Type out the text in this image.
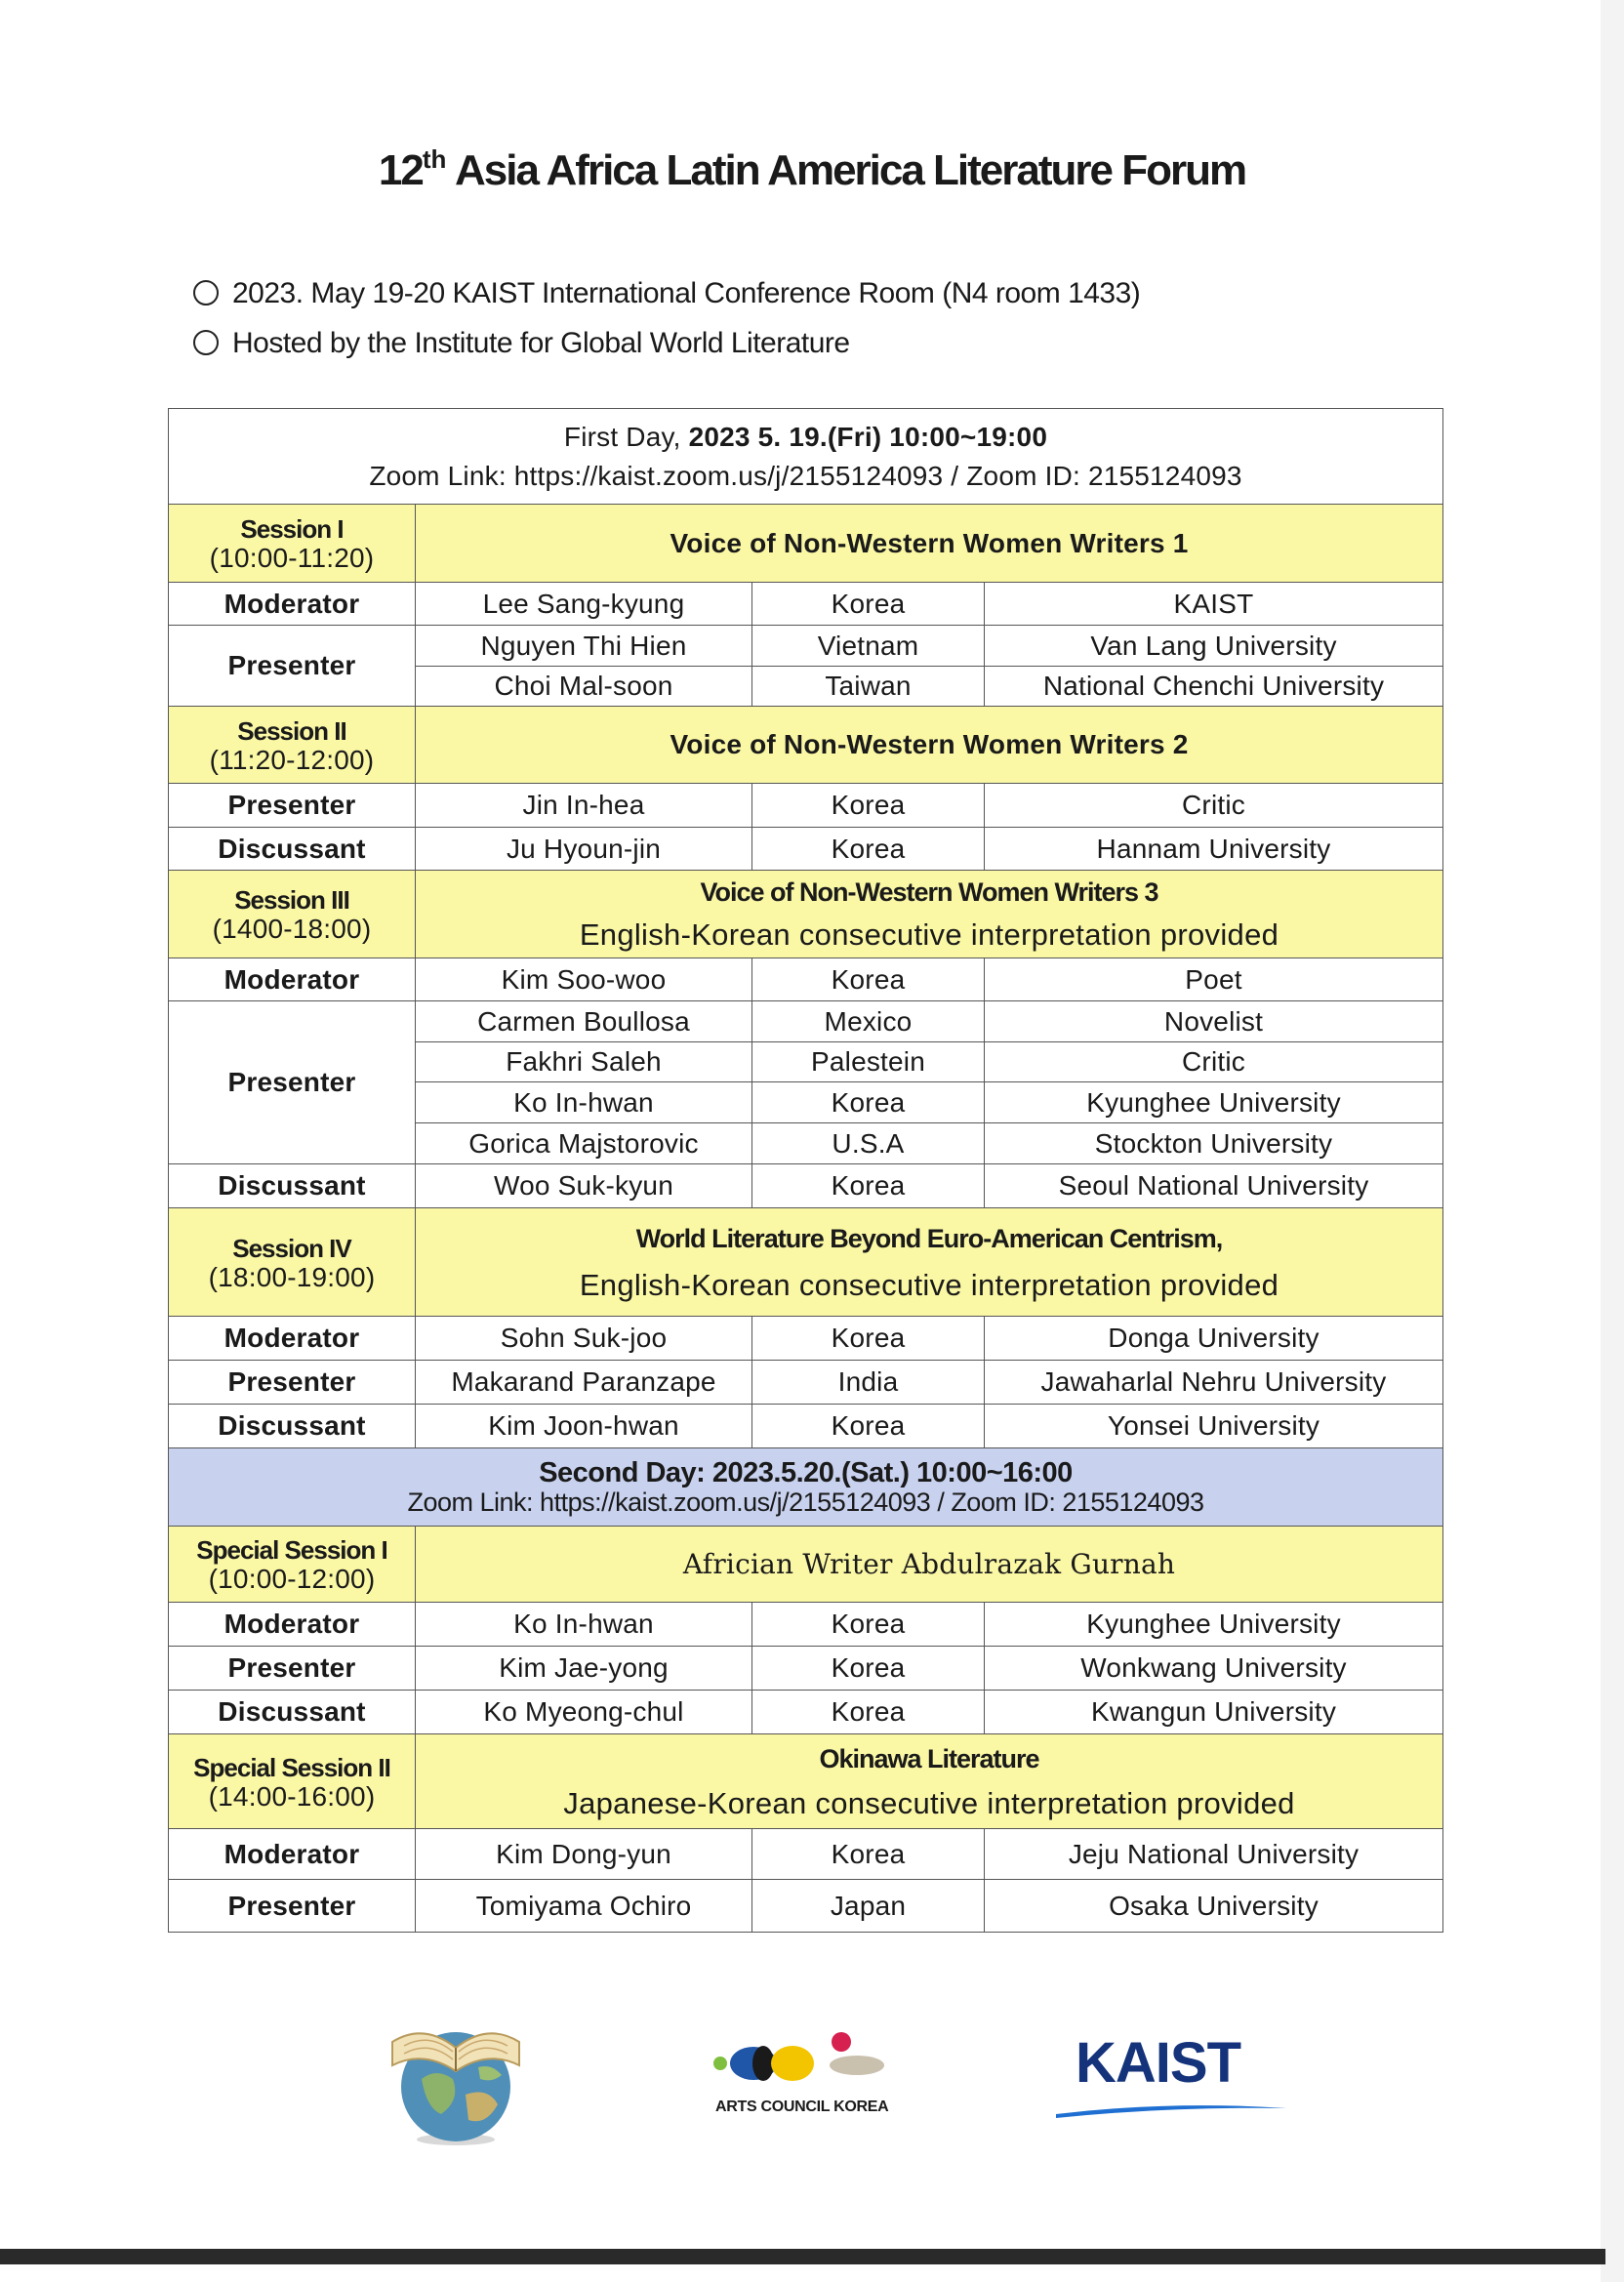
12th Asia Africa Latin America Literature Forum
2023. May 19-20 KAIST International Conference Room (N4 room 1433)
Hosted by the Institute for Global World Literature
First Day, 2023 5. 19.(Fri) 10:00~19:00
Zoom Link: https://kaist.zoom.us/j/2155124093 / Zoom ID: 2155124093			
Session I
(10:00-11:20)	Voice of Non-Western Women Writers 1		
Moderator	Lee Sang-kyung	Korea	KAIST
Presenter	Nguyen Thi Hien	Vietnam	Van Lang University
	Choi Mal-soon	Taiwan	National Chenchi University
Session II
(11:20-12:00)	Voice of Non-Western Women Writers 2		
Presenter	Jin In-hea	Korea	Critic
Discussant	Ju Hyoun-jin	Korea	Hannam University
Session III
(1400-18:00)	Voice of Non-Western Women Writers 3
English-Korean consecutive interpretation provided		
Moderator	Kim Soo-woo	Korea	Poet
Presenter	Carmen Boullosa	Mexico	Novelist
	Fakhri Saleh	Palestein	Critic
	Ko In-hwan	Korea	Kyunghee University
	Gorica Majstorovic	U.S.A	Stockton University
Discussant	Woo Suk-kyun	Korea	Seoul National University
Session IV
(18:00-19:00)	World Literature Beyond Euro-American Centrism,
English-Korean consecutive interpretation provided		
Moderator	Sohn Suk-joo	Korea	Donga University
Presenter	Makarand Paranzape	India	Jawaharlal Nehru University
Discussant	Kim Joon-hwan	Korea	Yonsei University
Second Day: 2023.5.20.(Sat.) 10:00~16:00
Zoom Link: https://kaist.zoom.us/j/2155124093 / Zoom ID: 2155124093			
Special Session I
(10:00-12:00)	Africian Writer Abdulrazak Gurnah		
Moderator	Ko In-hwan	Korea	Kyunghee University
Presenter	Kim Jae-yong	Korea	Wonkwang University
Discussant	Ko Myeong-chul	Korea	Kwangun University
Special Session II
(14:00-16:00)	Okinawa Literature
Japanese-Korean consecutive interpretation provided		
Moderator	Kim Dong-yun	Korea	Jeju National University
Presenter	Tomiyama Ochiro	Japan	Osaka University
ARTS COUNCIL KOREA
KAIST
